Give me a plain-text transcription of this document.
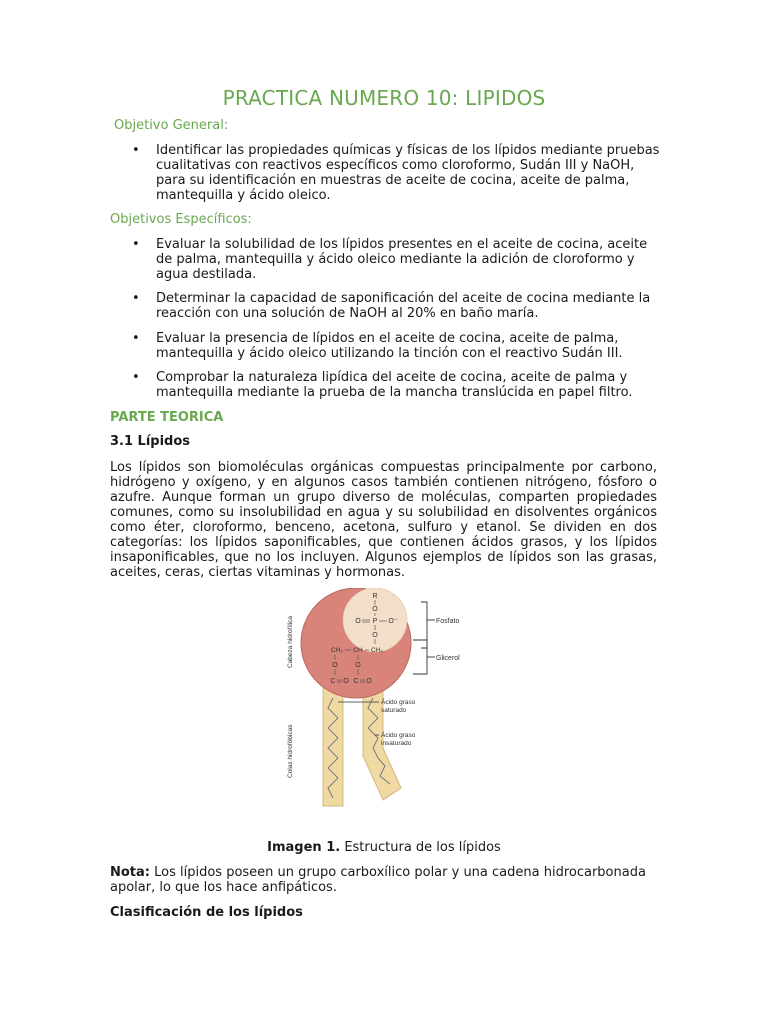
PRACTICA NUMERO 10: LIPIDOS
Objetivo General:
• Identificar las propiedades químicas y físicas de los lípidos mediante pruebas
cualitativas con reactivos específicos como cloroformo, Sudán III y NaOH,
para su identificación en muestras de aceite de cocina, aceite de palma,
mantequilla y ácido oleico.
Objetivos Específicos:
• Evaluar la solubilidad de los lípidos presentes en el aceite de cocina, aceite
de palma, mantequilla y ácido oleico mediante la adición de cloroformo y
agua destilada.
• Determinar la capacidad de saponificación del aceite de cocina mediante la
reacción con una solución de NaOH al 20% en baño maría.
• Evaluar la presencia de lípidos en el aceite de cocina, aceite de palma,
mantequilla y ácido oleico utilizando la tinción con el reactivo Sudán III.
• Comprobar la naturaleza lipídica del aceite de cocina, aceite de palma y
mantequilla mediante la prueba de la mancha translúcida en papel filtro.
PARTE TEORICA
3.1 Lípidos
Los lípidos son biomoléculas orgánicas compuestas principalmente por carbono, hidrógeno y oxígeno, y en algunos casos también contienen nitrógeno, fósforo o azufre. Aunque forman un grupo diverso de moléculas, comparten propiedades comunes, como su insolubilidad en agua y su solubilidad en disolventes orgánicos como éter, cloroformo, benceno, acetona, sulfuro y etanol. Se dividen en dos categorías: los lípidos saponificables, que contienen ácidos grasos, y los lípidos insaponificables, que no los incluyen. Algunos ejemplos de lípidos son las grasas, aceites, ceras, ciertas vitaminas y hormonas.
R
O
O P O⁻
O
CH₂ CH CH₂
O	O
C O C O
Fosfato
Glicerol
Ácido graso
saturado
Ácido graso
insaturado
Cabeza hidrofílica
Colas hidrofóbicas
Imagen 1. Estructura de los lípidos
Nota: Los lípidos poseen un grupo carboxílico polar y una cadena hidrocarbonada apolar, lo que los hace anfipáticos.
Clasificación de los lípidos
